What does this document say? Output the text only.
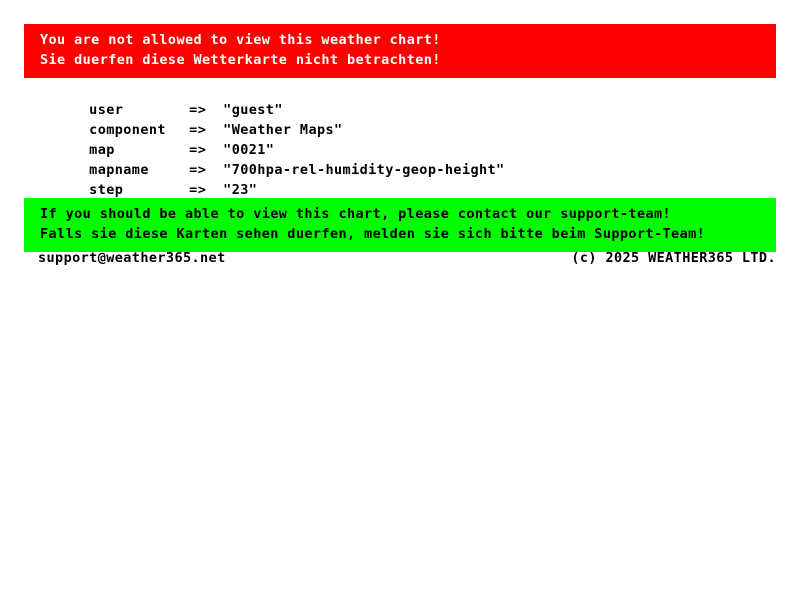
You are not allowed to view this weather chart!
Sie duerfen diese Wetterkarte nicht betrachten!

user	=> "guest"

component => "Weather Maps"

map	=> "0021"

mapname	=> "700hpa-rel-humidity-geop-height"

step	=> "23"

If you should be able to view this chart, please contact our support-team!
Falls sie diese Karten sehen duerfen, melden sie sich bitte beim Support-Team!
support@weather365.net	(c) 2025 WEATHER365 LTD.
